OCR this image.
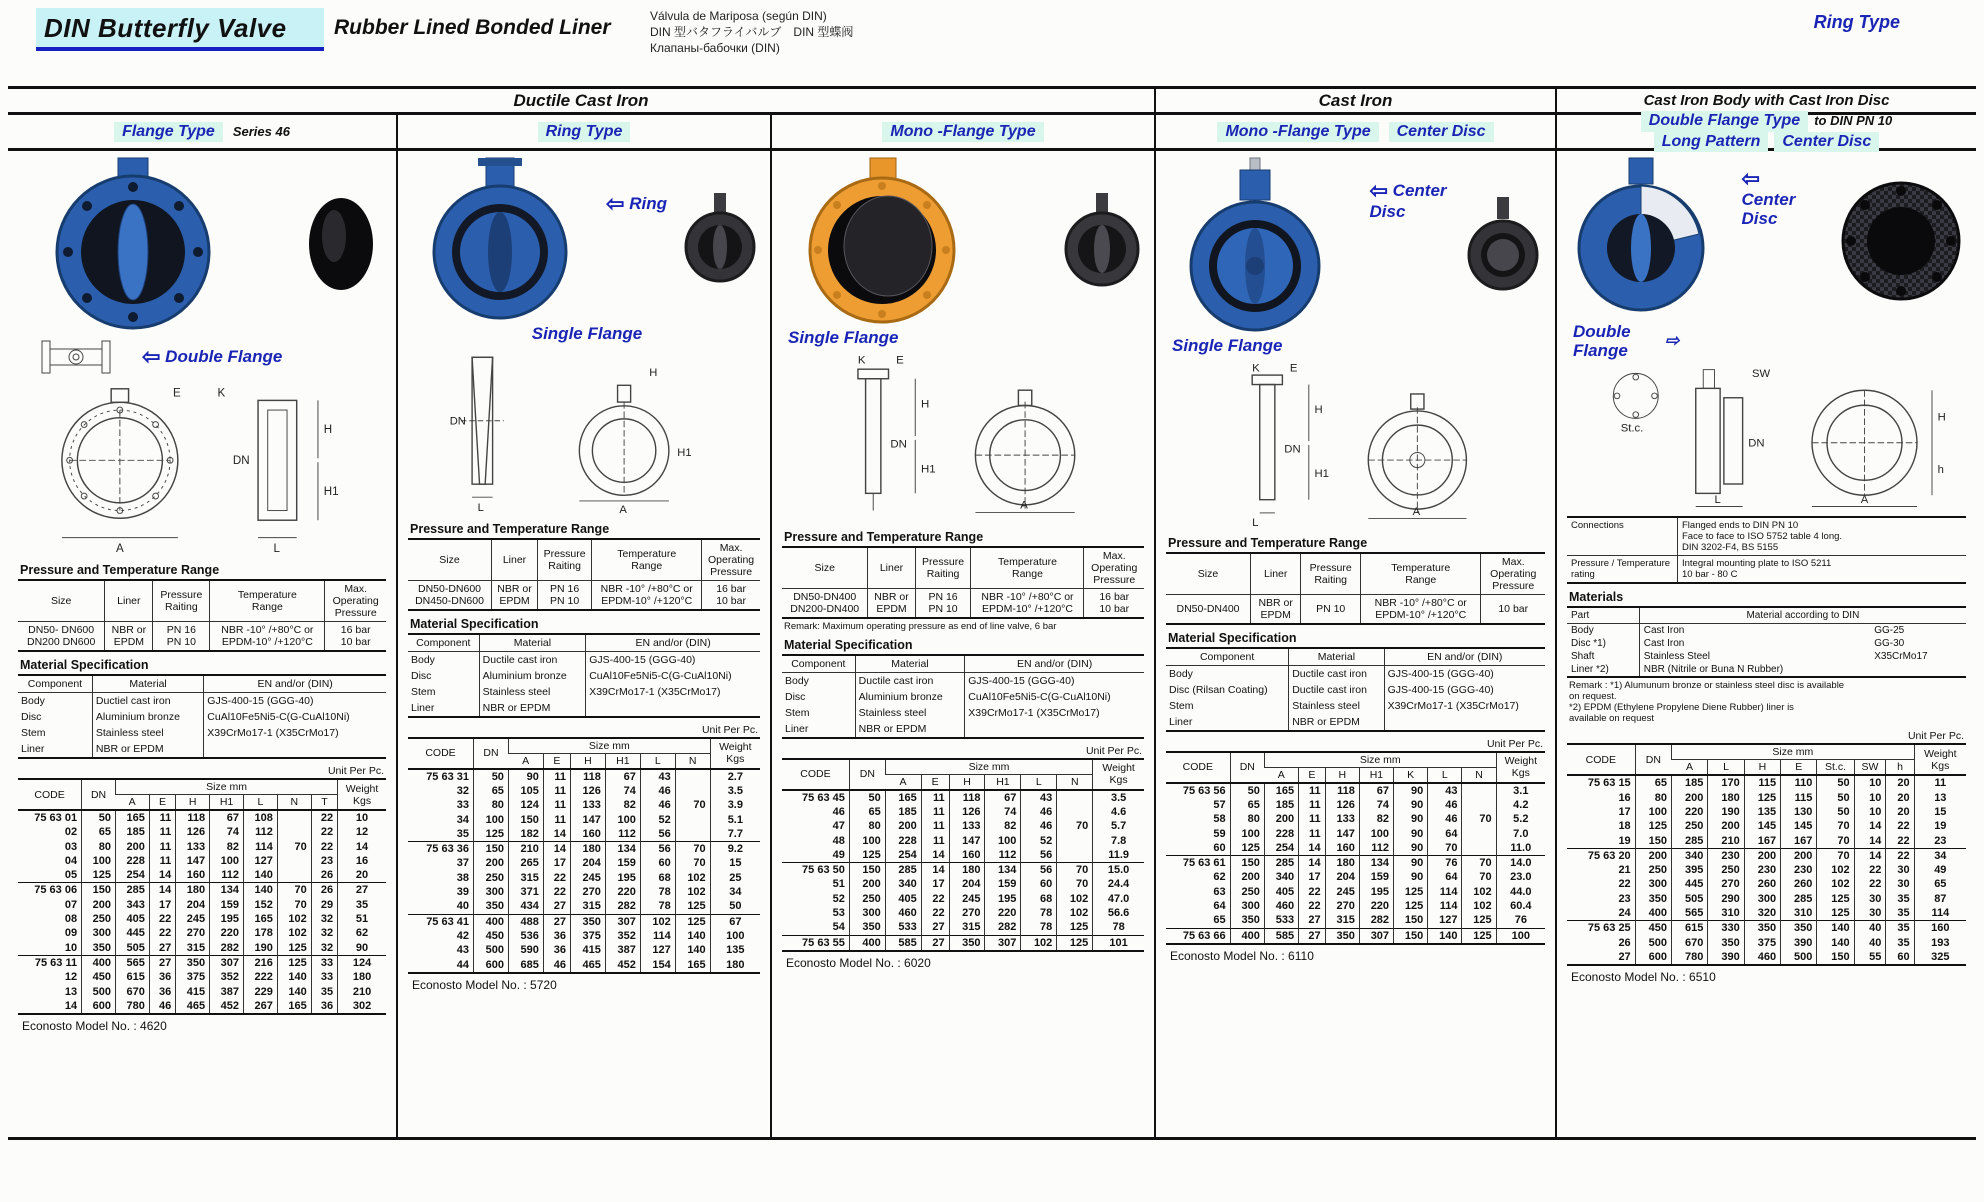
DIN Butterfly Valve	Rubber Lined Bonded Liner	Válvula de Mariposa (según DIN)
DIN 型バタフライバルブ　DIN 型蝶阀
Клапаны-бабочки (DIN)
Ring Type
Ductile Cast Iron	Cast Iron	Cast Iron Body with Cast Iron Disc
Flange Type	Series 46	Ring Type	Mono -Flange Type	Mono -Flange Type	Center Disc
Double Flange Type	to DIN PN 10
Long Pattern	Center Disc
⇦ Double Flange
E	K
H
DN
H1
A	L
Pressure and Temperature Range
Size	Liner	Pressure
Raiting	Temperature
Range	Max.
Operating
Pressure
DN50- DN600
DN200 DN600	NBR or
EPDM	PN 16
PN 10	NBR -10° /+80°C or
EPDM-10° /+120°C	16 bar
10 bar
Material Specification
Component	Material	EN and/or (DIN)
Body	Ductiel cast iron	GJS-400-15 (GGG-40)
Disc	Aluminium bronze	CuAl10Fe5Ni5-C(G-CuAl10Ni)
Stem	Stainless steel	X39CrMo17-1 (X35CrMo17)
Liner	NBR or EPDM	
Unit Per Pc.
CODE	DN	Size mm							Weight
Kgs
		A	E	H	H1	L	N	T	
75 63 01	50	165	11	118	67	108		22	10
02	65	185	11	126	74	112		22	12
03	80	200	11	133	82	114	70	22	14
04	100	228	11	147	100	127		23	16
05	125	254	14	160	112	140		26	20
75 63 06	150	285	14	180	134	140	70	26	27
07	200	343	17	204	159	152	70	29	35
08	250	405	22	245	195	165	102	32	51
09	300	445	22	270	220	178	102	32	62
10	350	505	27	315	282	190	125	32	90
75 63 11	400	565	27	350	307	216	125	33	124
12	450	615	36	375	352	222	140	33	180
13	500	670	36	415	387	229	140	35	210
14	600	780	46	465	452	267	165	36	302
Econosto Model No. : 4620
⇦ Ring
Single Flange
H
DN
H1
A
L
Pressure and Temperature Range
Size	Liner	Pressure
Raiting	Temperature
Range	Max.
Operating
Pressure
DN50-DN600
DN450-DN600	NBR or
EPDM	PN 16
PN 10	NBR -10° /+80°C or
EPDM-10° /+120°C	16 bar
10 bar
Material Specification
Component	Material	EN and/or (DIN)
Body	Ductile cast iron	GJS-400-15 (GGG-40)
Disc	Aluminium bronze	CuAl10Fe5Ni5-C(G-CuAl10Ni)
Stem	Stainless steel	X39CrMo17-1 (X35CrMo17)
Liner	NBR or EPDM	
Unit Per Pc.
CODE	DN	Size mm						Weight
Kgs
		A	E	H	H1	L	N	
75 63 31	50	90	11	118	67	43		2.7
32	65	105	11	126	74	46		3.5
33	80	124	11	133	82	46	70	3.9
34	100	150	11	147	100	52		5.1
35	125	182	14	160	112	56		7.7
75 63 36	150	210	14	180	134	56	70	9.2
37	200	265	17	204	159	60	70	15
38	250	315	22	245	195	68	102	25
39	300	371	22	270	220	78	102	34
40	350	434	27	315	282	78	125	50
75 63 41	400	488	27	350	307	102	125	67
42	450	536	36	375	352	114	140	100
43	500	590	36	415	387	127	140	135
44	600	685	46	465	452	154	165	180
Econosto Model No. : 5720
Single Flange
K	E
H
DN
H1
A
Pressure and Temperature Range
Size	Liner	Pressure
Raiting	Temperature
Range	Max.
Operating
Pressure
DN50-DN400
DN200-DN400	NBR or
EPDM	PN 16
PN 10	NBR -10° /+80°C or
EPDM-10° /+120°C	16 bar
10 bar
Remark: Maximum operating pressure as end of line valve, 6 bar
Material Specification
Component	Material	EN and/or (DIN)
Body	Ductile cast iron	GJS-400-15 (GGG-40)
Disc	Aluminium bronze	CuAl10Fe5Ni5-C(G-CuAl10Ni)
Stem	Stainless steel	X39CrMo17-1 (X35CrMo17)
Liner	NBR or EPDM	
Unit Per Pc.
CODE	DN	Size mm						Weight
Kgs
		A	E	H	H1	L	N	
75 63 45	50	165	11	118	67	43		3.5
46	65	185	11	126	74	46		4.6
47	80	200	11	133	82	46	70	5.7
48	100	228	11	147	100	52		7.8
49	125	254	14	160	112	56		11.9
75 63 50	150	285	14	180	134	56	70	15.0
51	200	340	17	204	159	60	70	24.4
52	250	405	22	245	195	68	102	47.0
53	300	460	22	270	220	78	102	56.6
54	350	533	27	315	282	78	125	78
75 63 55	400	585	27	350	307	102	125	101
Econosto Model No. : 6020
⇦ Center Disc
Single Flange
K	E
H
DN
H1
A
L
Pressure and Temperature Range
Size	Liner	Pressure
Raiting	Temperature
Range	Max.
Operating
Pressure
DN50-DN400	NBR or
EPDM	PN 10	NBR -10° /+80°C or
EPDM-10° /+120°C	10 bar
Material Specification
Component	Material	EN and/or (DIN)
Body	Ductile cast iron	GJS-400-15 (GGG-40)
Disc (Rilsan Coating)	Ductile cast iron	GJS-400-15 (GGG-40)
Stem	Stainless steel	X39CrMo17-1 (X35CrMo17)
Liner	NBR or EPDM	
Unit Per Pc.
CODE	DN	Size mm							Weight
Kgs
		A	E	H	H1	K	L	N	
75 63 56	50	165	11	118	67	90	43		3.1
57	65	185	11	126	74	90	46		4.2
58	80	200	11	133	82	90	46	70	5.2
59	100	228	11	147	100	90	64		7.0
60	125	254	14	160	112	90	70		11.0
75 63 61	150	285	14	180	134	90	76	70	14.0
62	200	340	17	204	159	90	64	70	23.0
63	250	405	22	245	195	125	114	102	44.0
64	300	460	22	270	220	125	114	102	60.4
65	350	533	27	315	282	150	127	125	76
75 63 66	400	585	27	350	307	150	140	125	100
Econosto Model No. : 6110
⇦ Center Disc
Double Flange	⇨
St.c.
SW
H
DN
h
A
L
Connections	Flanged ends to DIN PN 10
Face to face to ISO 5752 table 4 long.
DIN 3202-F4, BS 5155
Pressure / Temperature rating	Integral mounting plate to ISO 5211
10 bar - 80 C
Materials
Part	Material according to DIN	
Body	Cast Iron	GG-25
Disc *1)	Cast Iron	GG-30
Shaft	Stainless Steel	X35CrMo17
Liner *2)	NBR (Nitrile or Buna N Rubber)	
Remark : *1) Alumunum bronze or stainless steel disc is available
on request.
*2) EPDM (Ethylene Propylene Diene Rubber) liner is
available on request
Unit Per Pc.
CODE	DN	Size mm							Weight
Kgs
		A	L	H	E	St.c.	SW	h	
75 63 15	65	185	170	115	110	50	10	20	11
16	80	200	180	125	115	50	10	20	13
17	100	220	190	135	130	50	10	20	15
18	125	250	200	145	145	70	14	22	19
19	150	285	210	167	167	70	14	22	23
75 63 20	200	340	230	200	200	70	14	22	34
21	250	395	250	230	230	102	22	30	49
22	300	445	270	260	260	102	22	30	65
23	350	505	290	300	285	125	30	35	87
24	400	565	310	320	310	125	30	35	114
75 63 25	450	615	330	350	350	140	40	35	160
26	500	670	350	375	390	140	40	35	193
27	600	780	390	460	500	150	55	60	325
Econosto Model No. : 6510
